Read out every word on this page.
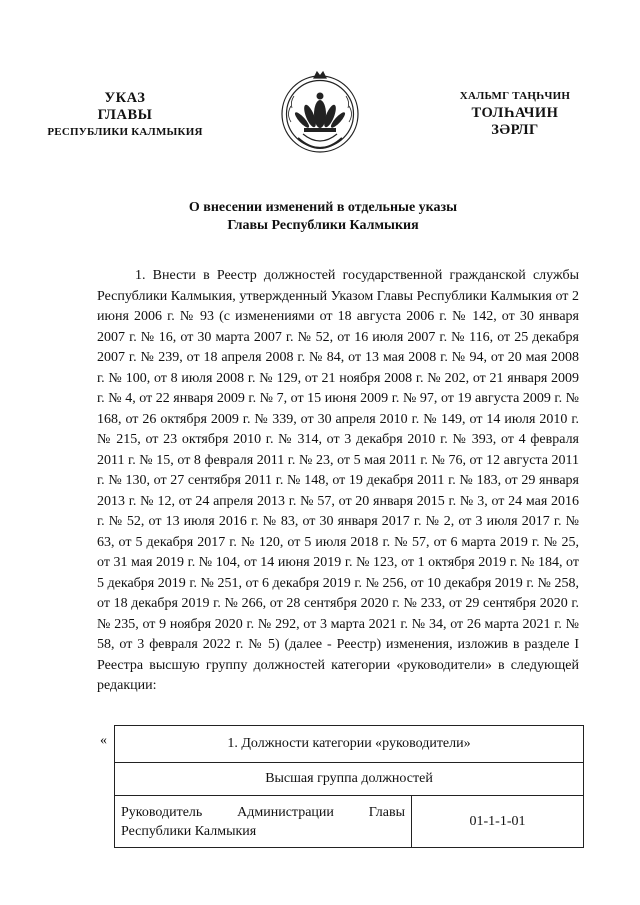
УКАЗ
ГЛАВЫ
РЕСПУБЛИКИ КАЛМЫКИЯ
ХАЛЬМГ ТАҢҺЧИН
ТОЛҺАЧИН
ЗӘРЛГ
О внесении изменений в отдельные указы
Главы Республики Калмыкия

1. Внести в Реестр должностей государственной гражданской службы Республики Калмыкия, утвержденный Указом Главы Республики Калмыкия от 2 июня 2006 г. № 93 (с изменениями от 18 августа 2006 г. № 142, от 30 января 2007 г. № 16, от 30 марта 2007 г. № 52, от 16 июля 2007 г. № 116, от 25 декабря 2007 г. № 239, от 18 апреля 2008 г. № 84, от 13 мая 2008 г. № 94, от 20 мая 2008 г. № 100, от 8 июля 2008 г. № 129, от 21 ноября 2008 г. № 202, от 21 января 2009 г. № 4, от 22 января 2009 г. № 7, от 15 июня 2009 г. № 97, от 19 августа 2009 г. № 168, от 26 октября 2009 г. № 339, от 30 апреля 2010 г. № 149, от 14 июля 2010 г. № 215, от 23 октября 2010 г. № 314, от 3 декабря 2010 г. № 393, от 4 февраля 2011 г. № 15, от 8 февраля 2011 г. № 23, от 5 мая 2011 г. № 76, от 12 августа 2011 г. № 130, от 27 сентября 2011 г. № 148, от 19 декабря 2011 г. № 183, от 29 января 2013 г. № 12, от 24 апреля 2013 г. № 57, от 20 января 2015 г. № 3, от 24 мая 2016 г. № 52, от 13 июля 2016 г. № 83, от 30 января 2017 г. № 2, от 3 июля 2017 г. № 63, от 5 декабря 2017 г. № 120, от 5 июля 2018 г. № 57, от 6 марта 2019 г. № 25, от 31 мая 2019 г. № 104, от 14 июня 2019 г. № 123, от 1 октября 2019 г. № 184, от 5 декабря 2019 г. № 251, от 6 декабря 2019 г. № 256, от 10 декабря 2019 г. № 258, от 18 декабря 2019 г. № 266, от 28 сентября 2020 г. № 233, от 29 сентября 2020 г. № 235, от 9 ноября 2020 г. № 292, от 3 марта 2021 г. № 34, от 26 марта 2021 г. № 58, от 3 февраля 2022 г. № 5) (далее - Реестр) изменения, изложив в разделе I Реестра высшую группу должностей категории «руководители» в следующей редакции:

«	1. Должности категории «руководители»
Высшая группа должностей
Руководитель Администрации Главы Республики Калмыкия	01-1-1-01
